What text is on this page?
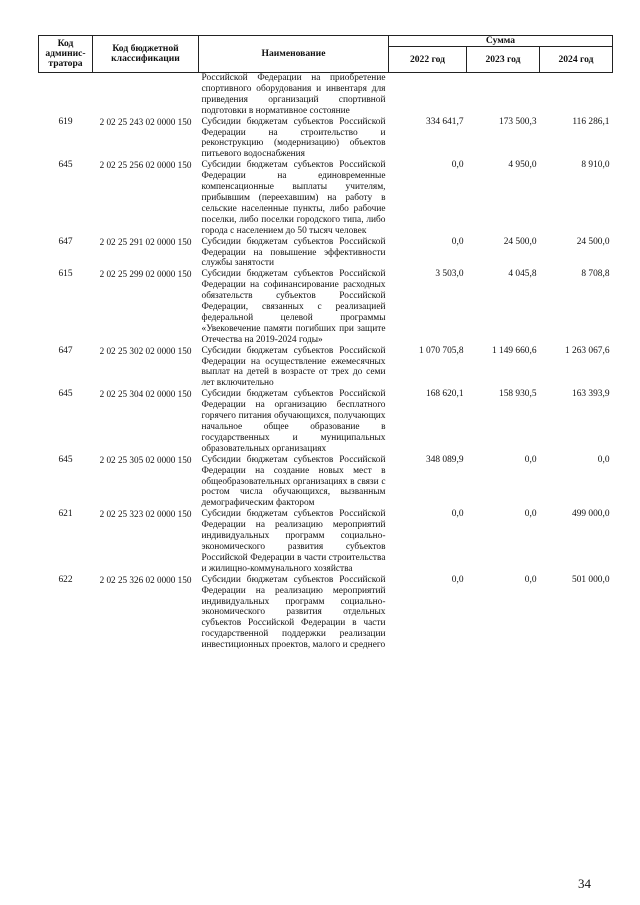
Код администратора	Код бюджетной классификации	Наименование	Сумма		
			2022 год	2023 год	2024 год
		Российской Федерации на приобретение спортивного оборудования и инвентаря для приведения организаций спортивной подготовки в нормативное состояние			
619	2 02 25 243 02 0000 150	Субсидии бюджетам субъектов Российской Федерации на строительство и реконструкцию (модернизацию) объектов питьевого водоснабжения	334 641,7	173 500,3	116 286,1
645	2 02 25 256 02 0000 150	Субсидии бюджетам субъектов Российской Федерации на единовременные компенсационные выплаты учителям, прибывшим (переехавшим) на работу в сельские населенные пункты, либо рабочие поселки, либо поселки городского типа, либо города с населением до 50 тысяч человек	0,0	4 950,0	8 910,0
647	2 02 25 291 02 0000 150	Субсидии бюджетам субъектов Российской Федерации на повышение эффективности службы занятости	0,0	24 500,0	24 500,0
615	2 02 25 299 02 0000 150	Субсидии бюджетам субъектов Российской Федерации на софинансирование расходных обязательств субъектов Российской Федерации, связанных с реализацией федеральной целевой программы «Увековечение памяти погибших при защите Отечества на 2019-2024 годы»	3 503,0	4 045,8	8 708,8
647	2 02 25 302 02 0000 150	Субсидии бюджетам субъектов Российской Федерации на осуществление ежемесячных выплат на детей в возрасте от трех до семи лет включительно	1 070 705,8	1 149 660,6	1 263 067,6
645	2 02 25 304 02 0000 150	Субсидии бюджетам субъектов Российской Федерации на организацию бесплатного горячего питания обучающихся, получающих начальное общее образование в государственных и муниципальных образовательных организациях	168 620,1	158 930,5	163 393,9
645	2 02 25 305 02 0000 150	Субсидии бюджетам субъектов Российской Федерации на создание новых мест в общеобразовательных организациях в связи с ростом числа обучающихся, вызванным демографическим фактором	348 089,9	0,0	0,0
621	2 02 25 323 02 0000 150	Субсидии бюджетам субъектов Российской Федерации на реализацию мероприятий индивидуальных программ социально-экономического развития субъектов Российской Федерации в части строительства и жилищно-коммунального хозяйства	0,0	0,0	499 000,0
622	2 02 25 326 02 0000 150	Субсидии бюджетам субъектов Российской Федерации на реализацию мероприятий индивидуальных программ социально-экономического развития отдельных субъектов Российской Федерации в части государственной поддержки реализации инвестиционных проектов, малого и среднего	0,0	0,0	501 000,0
34
